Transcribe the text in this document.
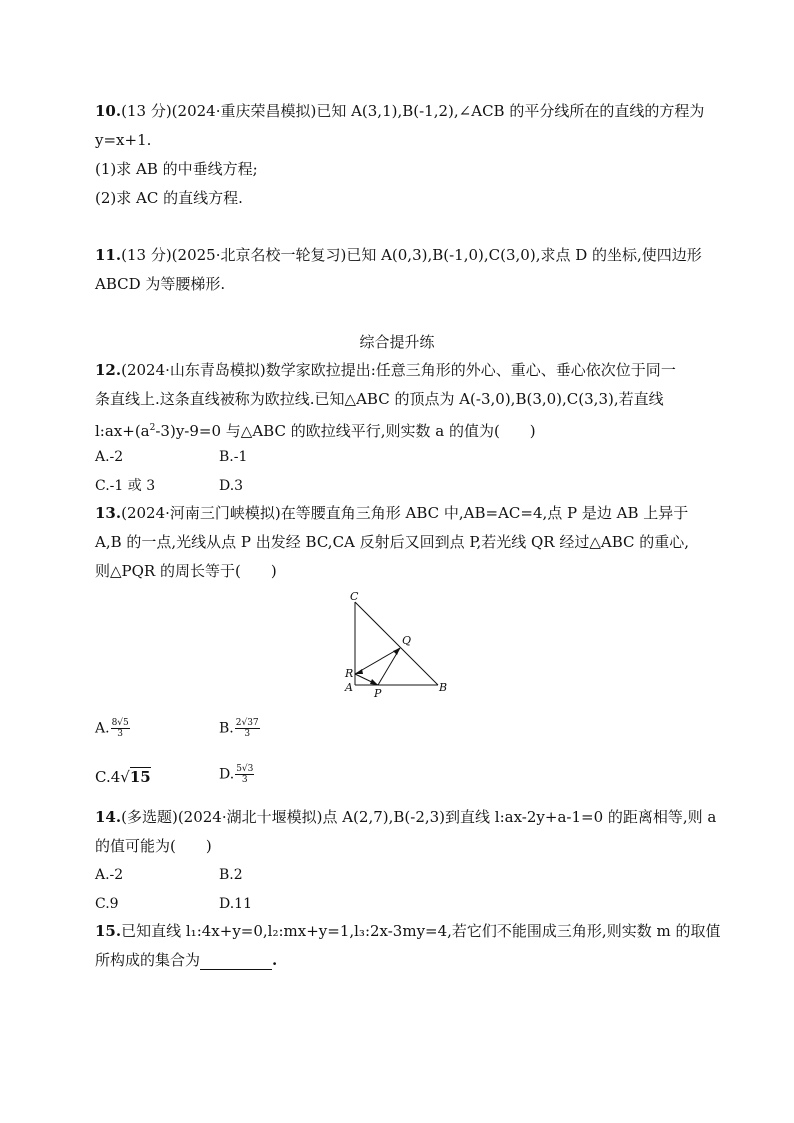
10.(13 分)(2024·重庆荣昌模拟)已知 A(3,1),B(-1,2),∠ACB 的平分线所在的直线的方程为
y=x+1.
(1)求 AB 的中垂线方程;
(2)求 AC 的直线方程.
11.(13 分)(2025·北京名校一轮复习)已知 A(0,3),B(-1,0),C(3,0),求点 D 的坐标,使四边形
ABCD 为等腰梯形.
综合提升练
12.(2024·山东青岛模拟)数学家欧拉提出:任意三角形的外心、重心、垂心依次位于同一
条直线上.这条直线被称为欧拉线.已知△ABC 的顶点为 A(-3,0),B(3,0),C(3,3),若直线
$l:ax+(a^2-3)y-9=0$ 与△ABC 的欧拉线平行,则实数 a 的值为(　　)
A.-2	B.-1
C.-1 或 3	D.3
13.(2024·河南三门峡模拟)在等腰直角三角形 ABC 中,AB=AC=4,点 P 是边 AB 上异于
A,B 的一点,光线从点 P 出发经 BC,CA 反射后又回到点 P,若光线 QR 经过△ABC 的重心,
则△PQR 的周长等于(　　)
C
Q
R
A P	B
A. $\frac{8√5}{3}$	B. $\frac{2√37}{3}$
C.4√15	D. $\frac{5√3}{3}$
14.(多选题)(2024·湖北十堰模拟)点 A(2,7),B(-2,3)到直线 l:ax-2y+a-1=0 的距离相等,则 a
的值可能为(　　)
A.-2	B.2
C.9	D.11
15.已知直线 l₁:4x+y=0,l₂:mx+y=1,l₃:2x-3my=4,若它们不能围成三角形,则实数 m 的取值
所构成的集合为	.
